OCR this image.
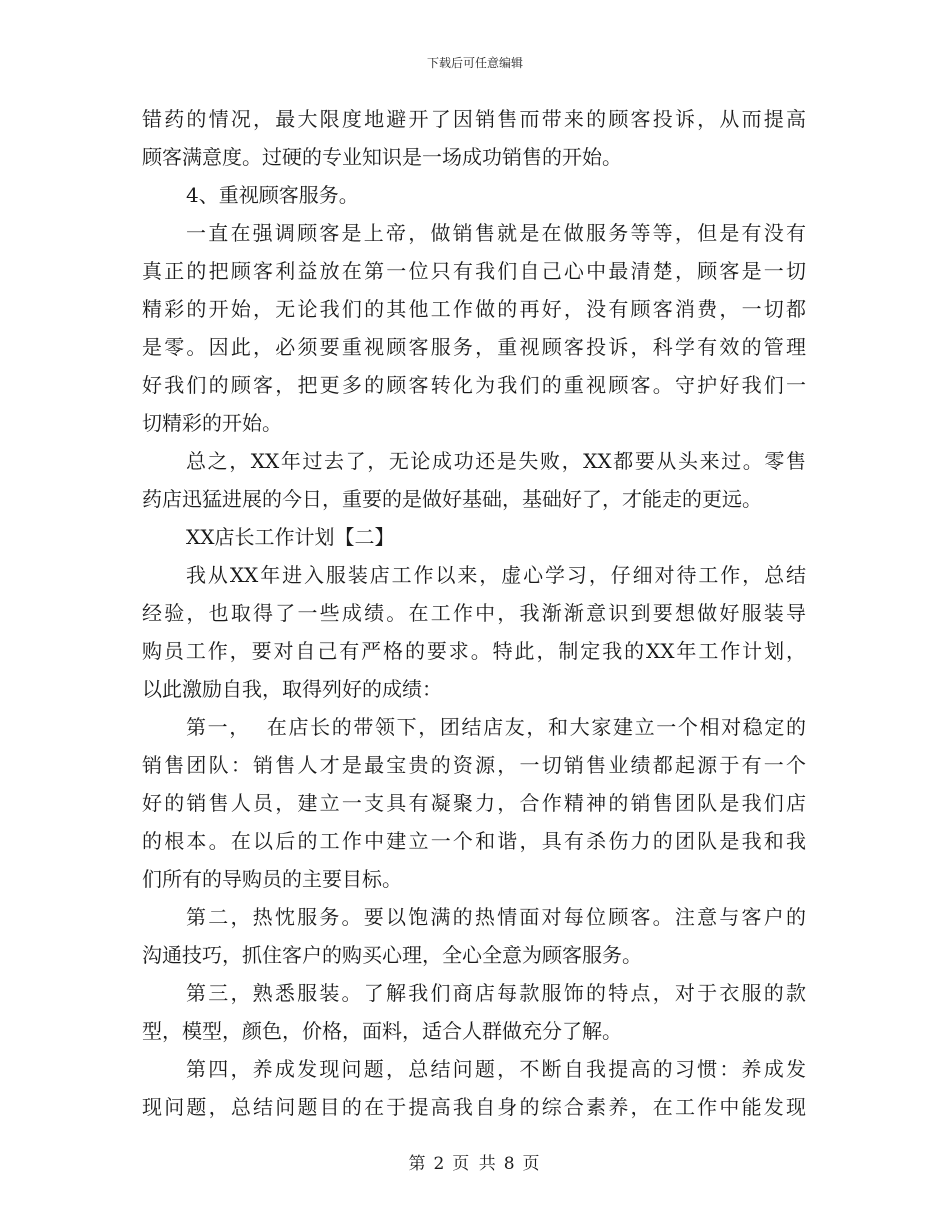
下载后可任意编辑

错药的情况，最大限度地避开了因销售而带来的顾客投诉，从而提高
顾客满意度。过硬的专业知识是一场成功销售的开始。

4、重视顾客服务。

一直在强调顾客是上帝，做销售就是在做服务等等，但是有没有
真正的把顾客利益放在第一位只有我们自己心中最清楚，顾客是一切
精彩的开始，无论我们的其他工作做的再好，没有顾客消费，一切都
是零。因此，必须要重视顾客服务，重视顾客投诉，科学有效的管理
好我们的顾客，把更多的顾客转化为我们的重视顾客。守护好我们一
切精彩的开始。

总之，XX年过去了，无论成功还是失败，XX都要从头来过。零售
药店迅猛进展的今日，重要的是做好基础，基础好了，才能走的更远。

XX店长工作计划【二】

我从XX年进入服装店工作以来，虚心学习，仔细对待工作，总结
经验，也取得了一些成绩。在工作中，我渐渐意识到要想做好服装导
购员工作，要对自己有严格的要求。特此，制定我的XX年工作计划，
以此激励自我，取得列好的成绩：

第一，  在店长的带领下，团结店友，和大家建立一个相对稳定的
销售团队：销售人才是最宝贵的资源，一切销售业绩都起源于有一个
好的销售人员，建立一支具有凝聚力，合作精神的销售团队是我们店
的根本。在以后的工作中建立一个和谐，具有杀伤力的团队是我和我
们所有的导购员的主要目标。

第二，热忱服务。要以饱满的热情面对每位顾客。注意与客户的
沟通技巧，抓住客户的购买心理，全心全意为顾客服务。

第三，熟悉服装。了解我们商店每款服饰的特点，对于衣服的款
型，模型，颜色，价格，面料，适合人群做充分了解。

第四，养成发现问题，总结问题，不断自我提高的习惯：养成发
现问题，总结问题目的在于提高我自身的综合素养，在工作中能发现

第 2 页 共 8 页
